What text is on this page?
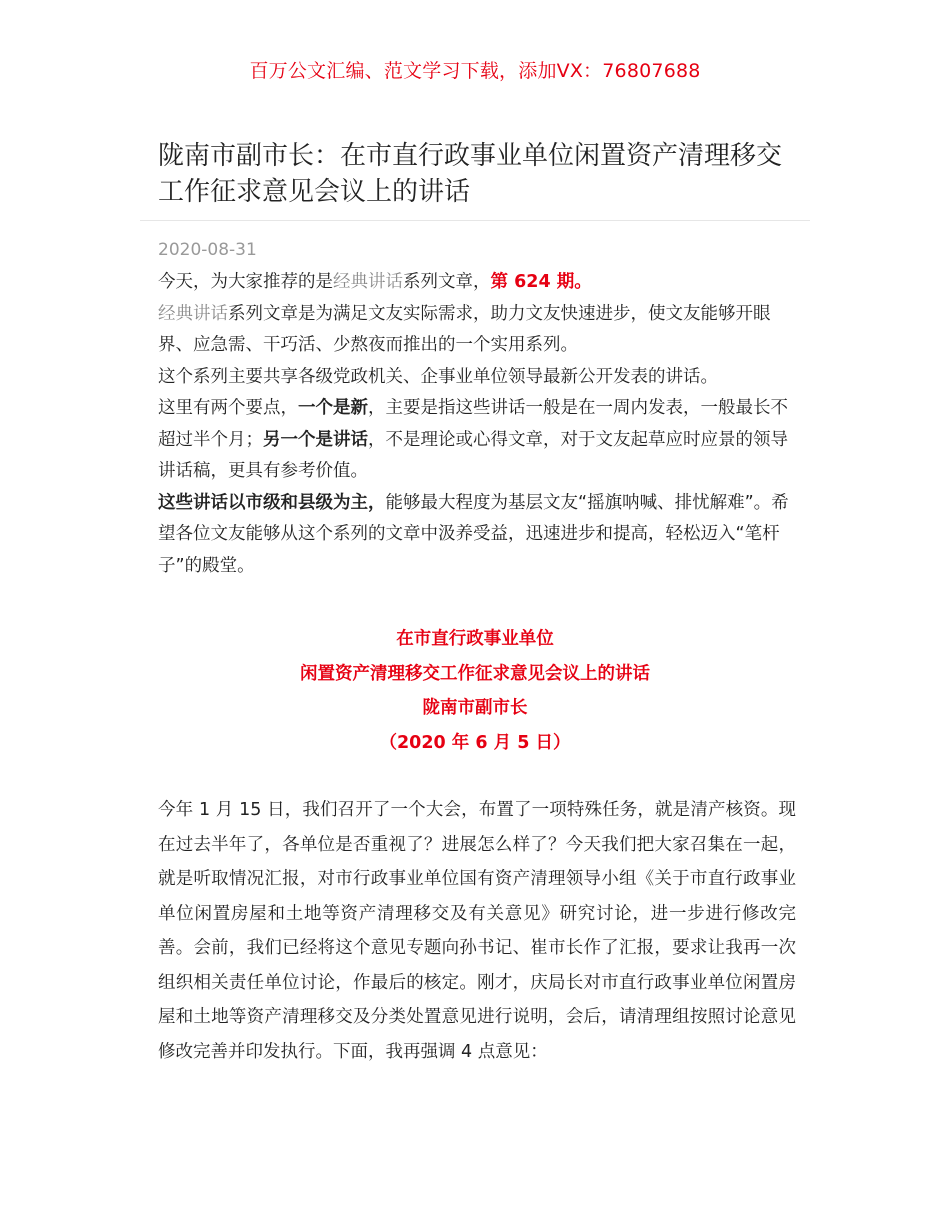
百万公文汇编、范文学习下载，添加VX：76807688
陇南市副市长：在市直行政事业单位闲置资产清理移交工作征求意见会议上的讲话
2020-08-31

今天，为大家推荐的是经典讲话系列文章，第 624 期。

经典讲话系列文章是为满足文友实际需求，助力文友快速进步，使文友能够开眼界、应急需、干巧活、少熬夜而推出的一个实用系列。

这个系列主要共享各级党政机关、企事业单位领导最新公开发表的讲话。

这里有两个要点，一个是新，主要是指这些讲话一般是在一周内发表，一般最长不超过半个月；另一个是讲话，不是理论或心得文章，对于文友起草应时应景的领导讲话稿，更具有参考价值。

这些讲话以市级和县级为主，能够最大程度为基层文友“摇旗呐喊、排忧解难”。希望各位文友能够从这个系列的文章中汲养受益，迅速进步和提高，轻松迈入“笔杆子”的殿堂。

在市直行政事业单位
闲置资产清理移交工作征求意见会议上的讲话
陇南市副市长
（2020 年 6 月 5 日）

今年 1 月 15 日，我们召开了一个大会，布置了一项特殊任务，就是清产核资。现在过去半年了，各单位是否重视了？进展怎么样了？今天我们把大家召集在一起，就是听取情况汇报，对市行政事业单位国有资产清理领导小组《关于市直行政事业单位闲置房屋和土地等资产清理移交及有关意见》研究讨论，进一步进行修改完善。会前，我们已经将这个意见专题向孙书记、崔市长作了汇报，要求让我再一次组织相关责任单位讨论，作最后的核定。刚才，庆局长对市直行政事业单位闲置房屋和土地等资产清理移交及分类处置意见进行说明，会后，请清理组按照讨论意见修改完善并印发执行。下面，我再强调 4 点意见：
